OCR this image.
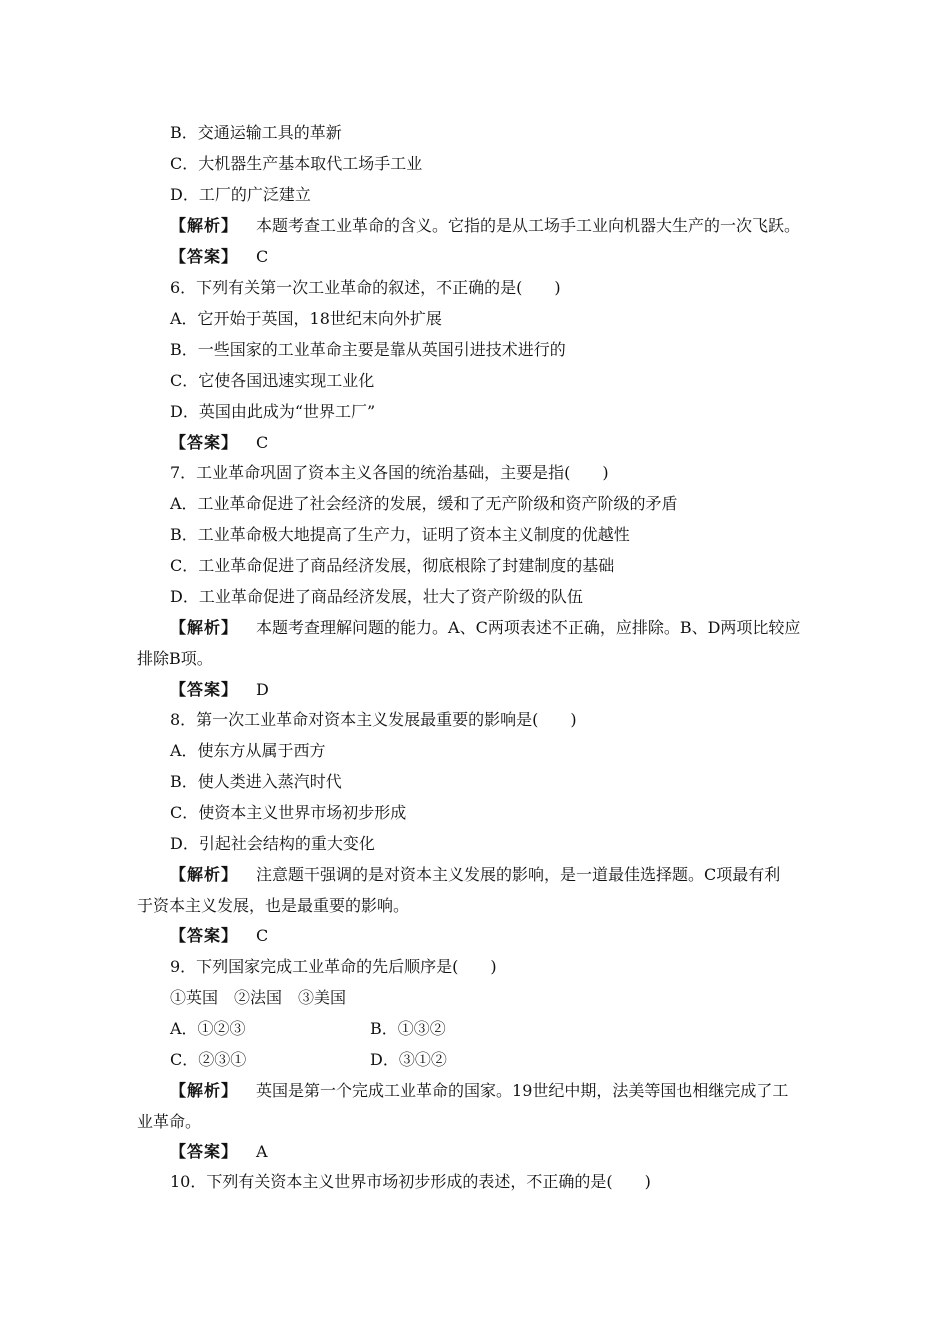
B．交通运输工具的革新
C．大机器生产基本取代工场手工业
D．工厂的广泛建立
【解析】 本题考查工业革命的含义。它指的是从工场手工业向机器大生产的一次飞跃。
【答案】 C
6．下列有关第一次工业革命的叙述，不正确的是(　　)
A．它开始于英国，18世纪末向外扩展
B．一些国家的工业革命主要是靠从英国引进技术进行的
C．它使各国迅速实现工业化
D．英国由此成为“世界工厂”
【答案】 C
7．工业革命巩固了资本主义各国的统治基础，主要是指(　　)
A．工业革命促进了社会经济的发展，缓和了无产阶级和资产阶级的矛盾
B．工业革命极大地提高了生产力，证明了资本主义制度的优越性
C．工业革命促进了商品经济发展，彻底根除了封建制度的基础
D．工业革命促进了商品经济发展，壮大了资产阶级的队伍
【解析】 本题考查理解问题的能力。A、C两项表述不正确，应排除。B、D两项比较应
排除B项。
【答案】 D
8．第一次工业革命对资本主义发展最重要的影响是(　　)
A．使东方从属于西方
B．使人类进入蒸汽时代
C．使资本主义世界市场初步形成
D．引起社会结构的重大变化
【解析】 注意题干强调的是对资本主义发展的影响，是一道最佳选择题。C项最有利
于资本主义发展，也是最重要的影响。
【答案】 C
9．下列国家完成工业革命的先后顺序是(　　)
①英国　②法国　③美国
A．①②③	B．①③②
C．②③①	D．③①②
【解析】 英国是第一个完成工业革命的国家。19世纪中期，法美等国也相继完成了工
业革命。
【答案】 A
10．下列有关资本主义世界市场初步形成的表述，不正确的是(　　)
